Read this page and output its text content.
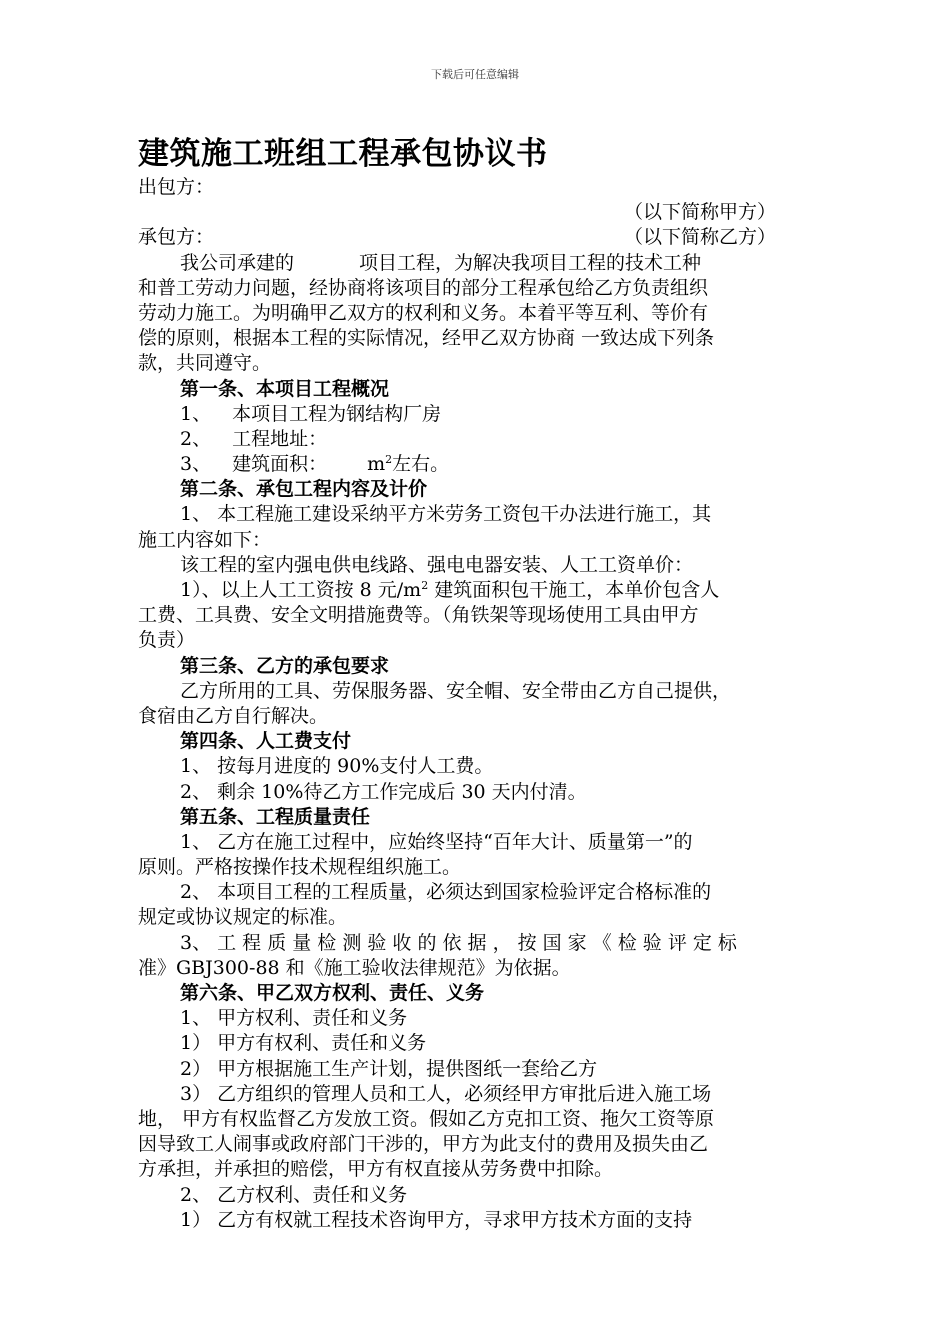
下载后可任意编辑
建筑施工班组工程承包协议书
出包方：
（以下简称甲方）
承包方：	（以下简称乙方）
我公司承建的	项目工程，为解决我项目工程的技术工种
和普工劳动力问题，经协商将该项目的部分工程承包给乙方负责组织
劳动力施工。为明确甲乙双方的权利和义务。本着平等互利、等价有
偿的原则，根据本工程的实际情况，经甲乙双方协商 一致达成下列条
款，共同遵守。
第一条、本项目工程概况
1、 本项目工程为钢结构厂房
2、 工程地址：
3、 建筑面积： $m^2$左右。
第二条、承包工程内容及计价
1、 本工程施工建设采纳平方米劳务工资包干办法进行施工，其
施工内容如下：
该工程的室内强电供电线路、强电电器安装、人工工资单价：
1）、以上人工工资按 8 元$/m^2$ 建筑面积包干施工，本单价包含人
工费、工具费、安全文明措施费等。（角铁架等现场使用工具由甲方
负责）
第三条、乙方的承包要求
乙方所用的工具、劳保服务器、安全帽、安全带由乙方自己提供，
食宿由乙方自行解决。
第四条、人工费支付
1、 按每月进度的 90%支付人工费。
2、 剩余 10%待乙方工作完成后 30 天内付清。
第五条、工程质量责任
1、 乙方在施工过程中，应始终坚持“百年大计、质量第一”的
原则。严格按操作技术规程组织施工。
2、 本项目工程的工程质量，必须达到国家检验评定合格标准的
规定或协议规定的标准。
3、 工 程 质 量 检 测 验 收 的 依 据 ， 按 国 家 《 检 验 评 定 标
准》GBJ300-88 和《施工验收法律规范》为依据。
第六条、甲乙双方权利、责任、义务
1、 甲方权利、责任和义务
1） 甲方有权利、责任和义务
2） 甲方根据施工生产计划，提供图纸一套给乙方
3） 乙方组织的管理人员和工人，必须经甲方审批后进入施工场
地， 甲方有权监督乙方发放工资。假如乙方克扣工资、拖欠工资等原
因导致工人闹事或政府部门干涉的，甲方为此支付的费用及损失由乙
方承担，并承担的赔偿，甲方有权直接从劳务费中扣除。
2、 乙方权利、责任和义务
1） 乙方有权就工程技术咨询甲方，寻求甲方技术方面的支持
